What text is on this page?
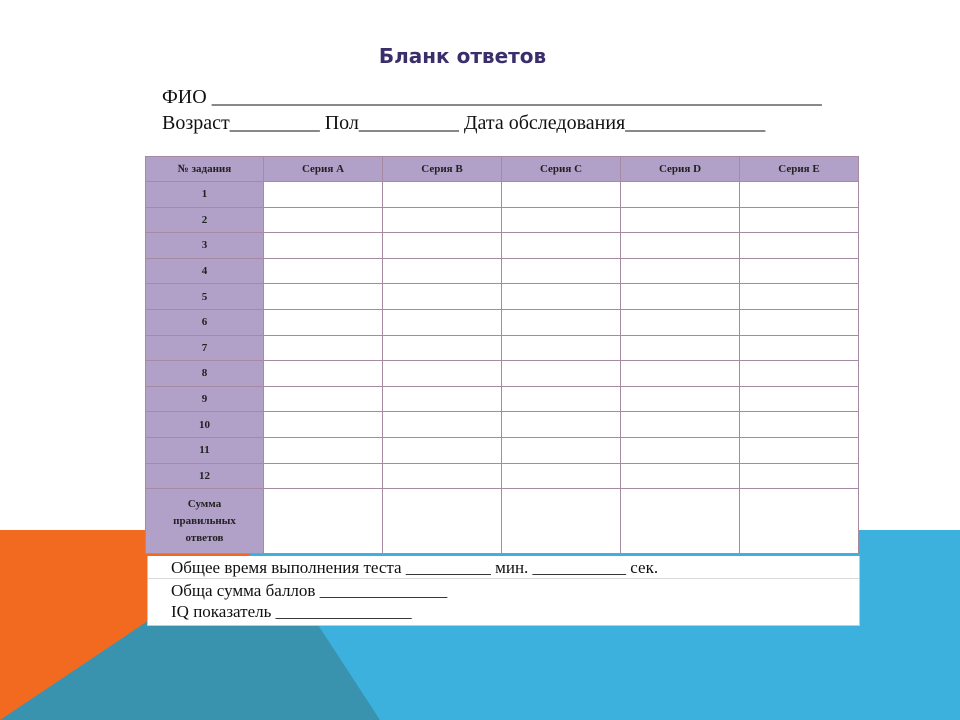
Бланк ответов
ФИО _____________________________________________________________
Возраст_________ Пол__________ Дата обследования______________
№ задания	Серия А	Серия В	Серия С	Серия D	Серия Е
1					
2					
3					
4					
5					
6					
7					
8					
9					
10					
11					
12					

Сумма
правильных
ответов					

Общее время выполнения теста __________ мин. ___________ сек.
Обща сумма баллов _______________
IQ показатель ________________
